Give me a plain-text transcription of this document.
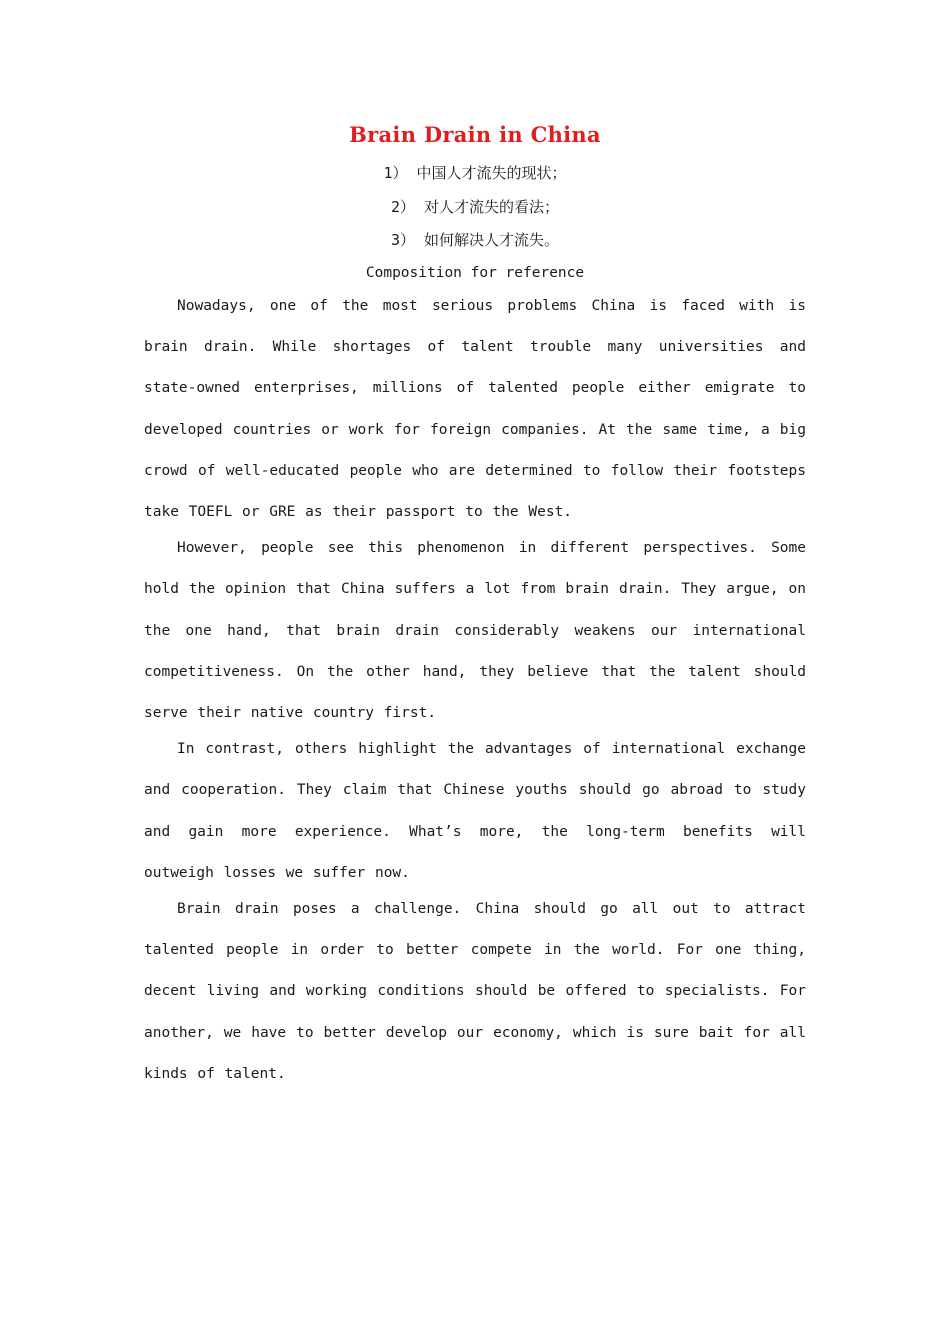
Brain Drain in China
1） 中国人才流失的现状；
2） 对人才流失的看法；
3） 如何解决人才流失。
Composition for reference

Nowadays, one of the most serious problems China is faced with is brain drain. While shortages of talent trouble many universities and state-owned enterprises, millions of talented people either emigrate to developed countries or work for foreign companies. At the same time, a big crowd of well-educated people who are determined to follow their footsteps take TOEFL or GRE as their passport to the West.

However, people see this phenomenon in different perspectives. Some hold the opinion that China suffers a lot from brain drain. They argue, on the one hand, that brain drain considerably weakens our international competitiveness. On the other hand, they believe that the talent should serve their native country first.

In contrast, others highlight the advantages of international exchange and cooperation. They claim that Chinese youths should go abroad to study and gain more experience. What’s more, the long-term benefits will outweigh losses we suffer now.

Brain drain poses a challenge. China should go all out to attract talented people in order to better compete in the world. For one thing, decent living and working conditions should be offered to specialists. For another, we have to better develop our economy, which is sure bait for all kinds of talent.
